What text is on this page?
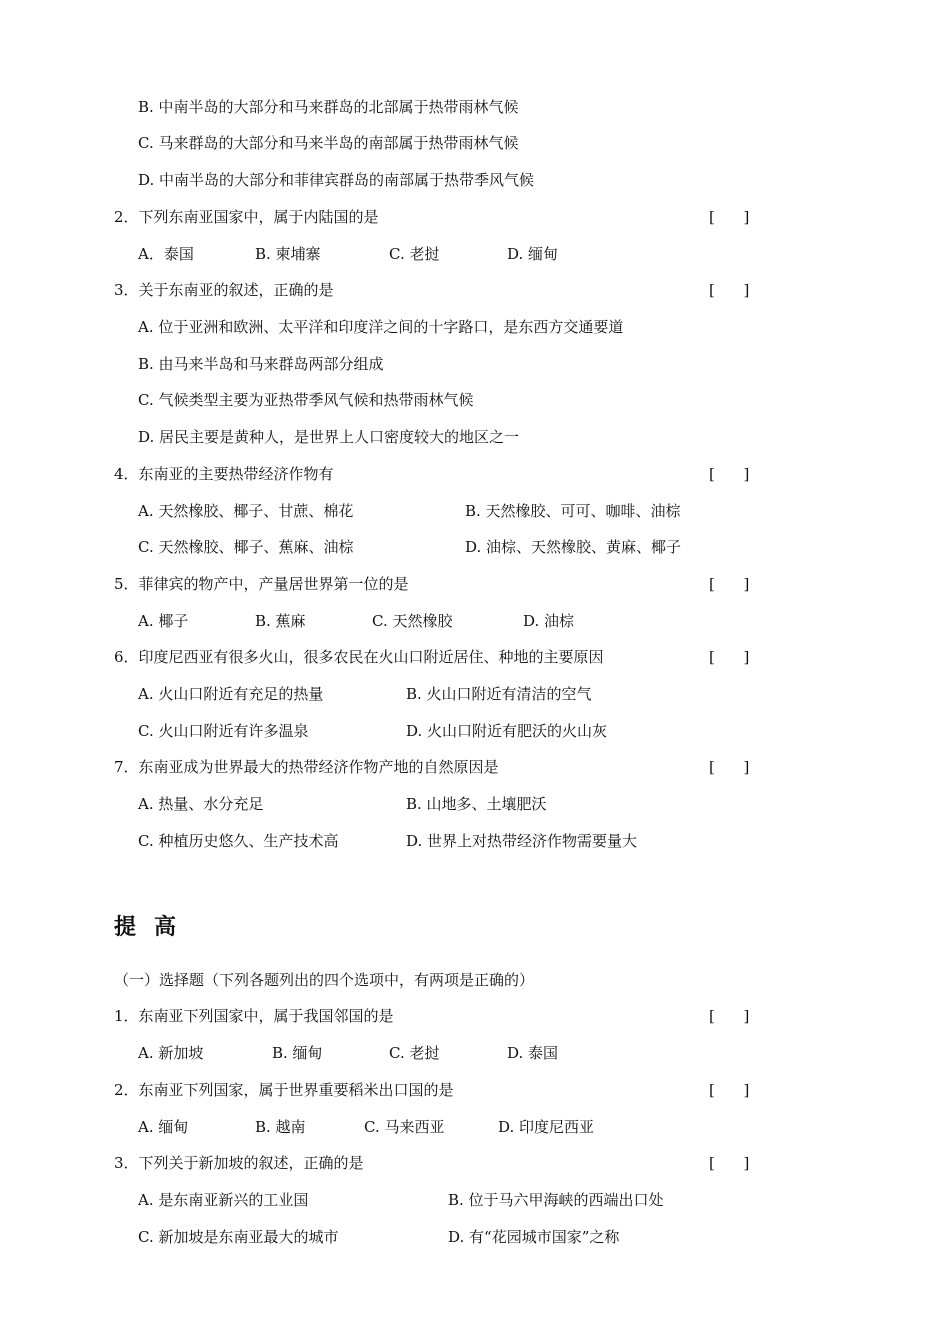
B. 中南半岛的大部分和马来群岛的北部属于热带雨林气候
C. 马来群岛的大部分和马来半岛的南部属于热带雨林气候
D. 中南半岛的大部分和菲律宾群岛的南部属于热带季风气候
2．下列东南亚国家中，属于内陆国的是	[      ]
A．泰国	B. 柬埔寨	C. 老挝	D. 缅甸
3．关于东南亚的叙述，正确的是	[      ]
A. 位于亚洲和欧洲、太平洋和印度洋之间的十字路口，是东西方交通要道
B. 由马来半岛和马来群岛两部分组成
C. 气候类型主要为亚热带季风气候和热带雨林气候
D. 居民主要是黄种人，是世界上人口密度较大的地区之一
4．东南亚的主要热带经济作物有	[      ]
A. 天然橡胶、椰子、甘蔗、棉花	B. 天然橡胶、可可、咖啡、油棕
C. 天然橡胶、椰子、蕉麻、油棕	D. 油棕、天然橡胶、黄麻、椰子
5．菲律宾的物产中，产量居世界第一位的是	[      ]
A. 椰子	B. 蕉麻	C. 天然橡胶	D. 油棕
6．印度尼西亚有很多火山，很多农民在火山口附近居住、种地的主要原因	[      ]
A. 火山口附近有充足的热量	B. 火山口附近有清洁的空气
C. 火山口附近有许多温泉	D. 火山口附近有肥沃的火山灰
7．东南亚成为世界最大的热带经济作物产地的自然原因是	[      ]
A. 热量、水分充足	B. 山地多、土壤肥沃
C. 种植历史悠久、生产技术高	D. 世界上对热带经济作物需要量大
提高
（一）选择题（下列各题列出的四个选项中，有两项是正确的）
1．东南亚下列国家中，属于我国邻国的是	[      ]
A. 新加坡	B. 缅甸	C. 老挝	D. 泰国
2．东南亚下列国家，属于世界重要稻米出口国的是	[      ]
A. 缅甸	B. 越南	C. 马来西亚	D. 印度尼西亚
3．下列关于新加坡的叙述，正确的是	[      ]
A. 是东南亚新兴的工业国	B. 位于马六甲海峡的西端出口处
C. 新加坡是东南亚最大的城市	D. 有“花园城市国家”之称
